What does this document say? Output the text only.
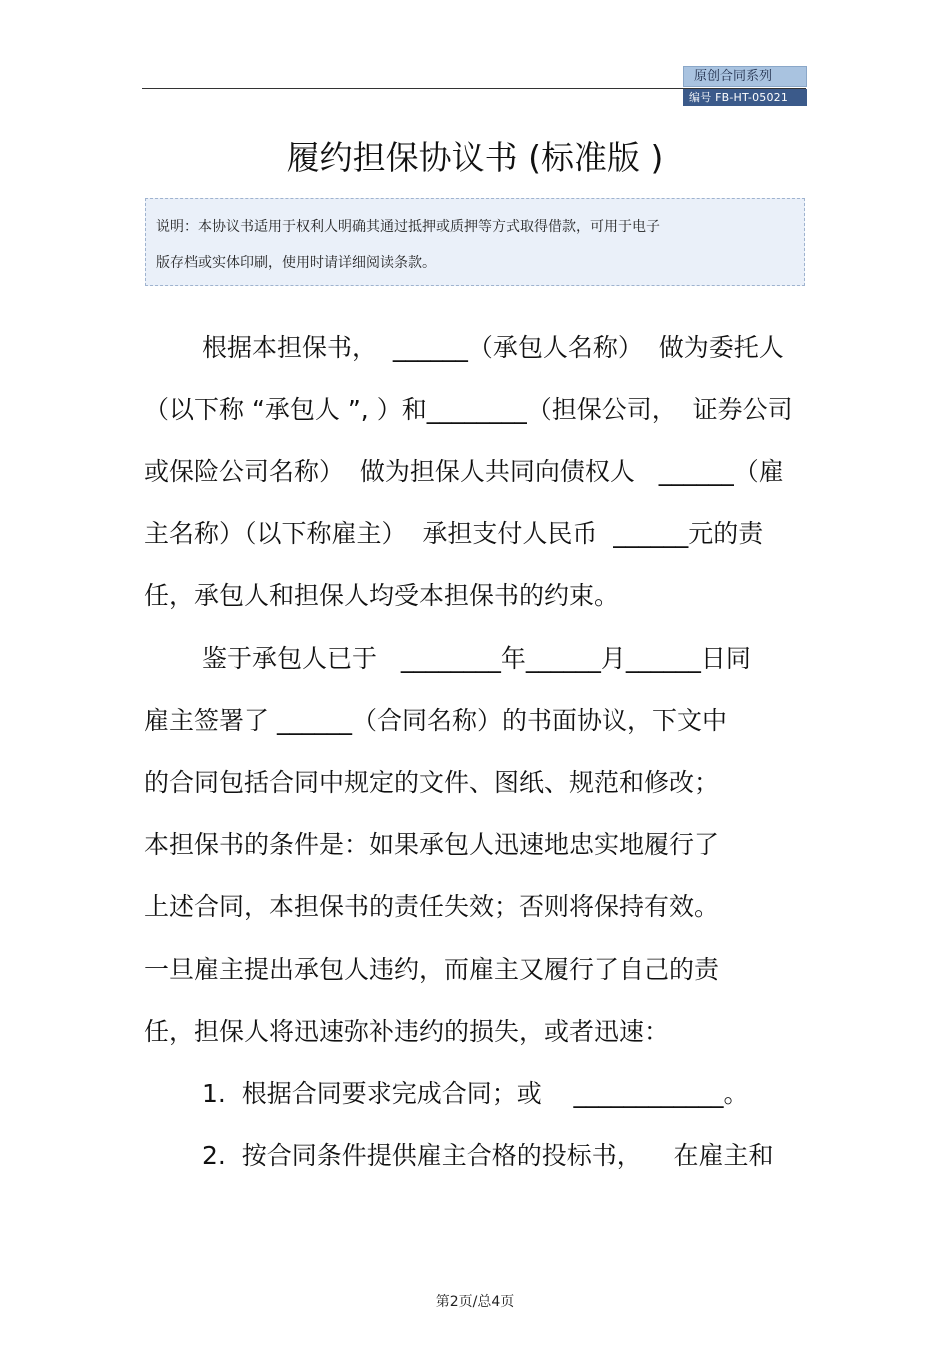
原创合同系列
编号 FB-HT-05021
履约担保协议书 (标准版 )
说明：本协议书适用于权利人明确其通过抵押或质押等方式取得借款，可用于电子
版存档或实体印刷，使用时请详细阅读条款。
根据本担保书，  ______（承包人名称）  做为委托人
（以下称 “承包人 ”, ）和________（担保公司，  证券公司
或保险公司名称）  做为担保人共同向债权人   ______（雇
主名称）（以下称雇主）  承担支付人民币  ______元的责
任，承包人和担保人均受本担保书的约束。
鉴于承包人已于   ________年______月______日同
雇主签署了 ______（合同名称）的书面协议，下文中
的合同包括合同中规定的文件、图纸、规范和修改；
本担保书的条件是：如果承包人迅速地忠实地履行了
上述合同，本担保书的责任失效；否则将保持有效。
一旦雇主提出承包人违约，而雇主又履行了自己的责
任，担保人将迅速弥补违约的损失，或者迅速：
1.  根据合同要求完成合同；或    ____________。
2.  按合同条件提供雇主合格的投标书，    在雇主和
第2页/总4页
